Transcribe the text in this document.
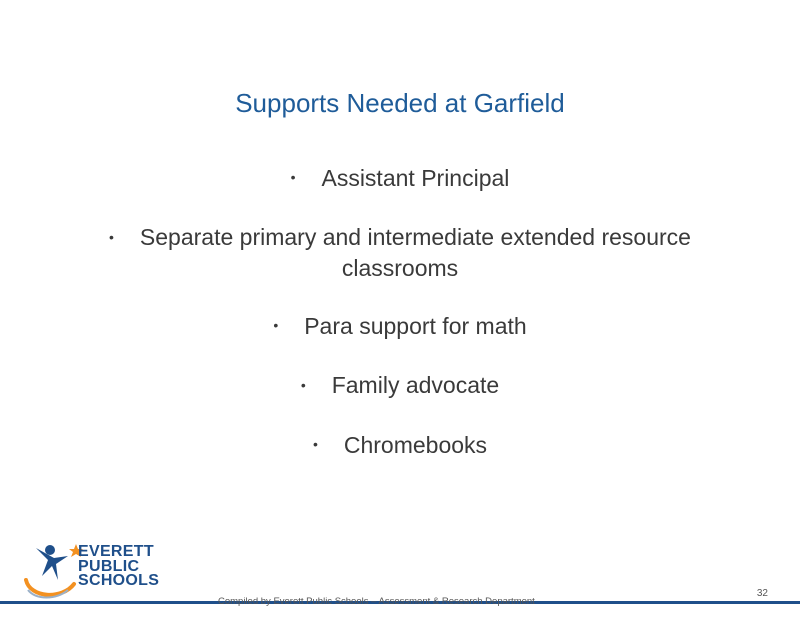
Supports Needed at Garfield
• Assistant Principal
• Separate primary and intermediate extended resource classrooms
• Para support for math
• Family advocate
• Chromebooks
EVERETT
PUBLIC
SCHOOLS
Compiled by Everett Public Schools – Assessment & Research Department
32
